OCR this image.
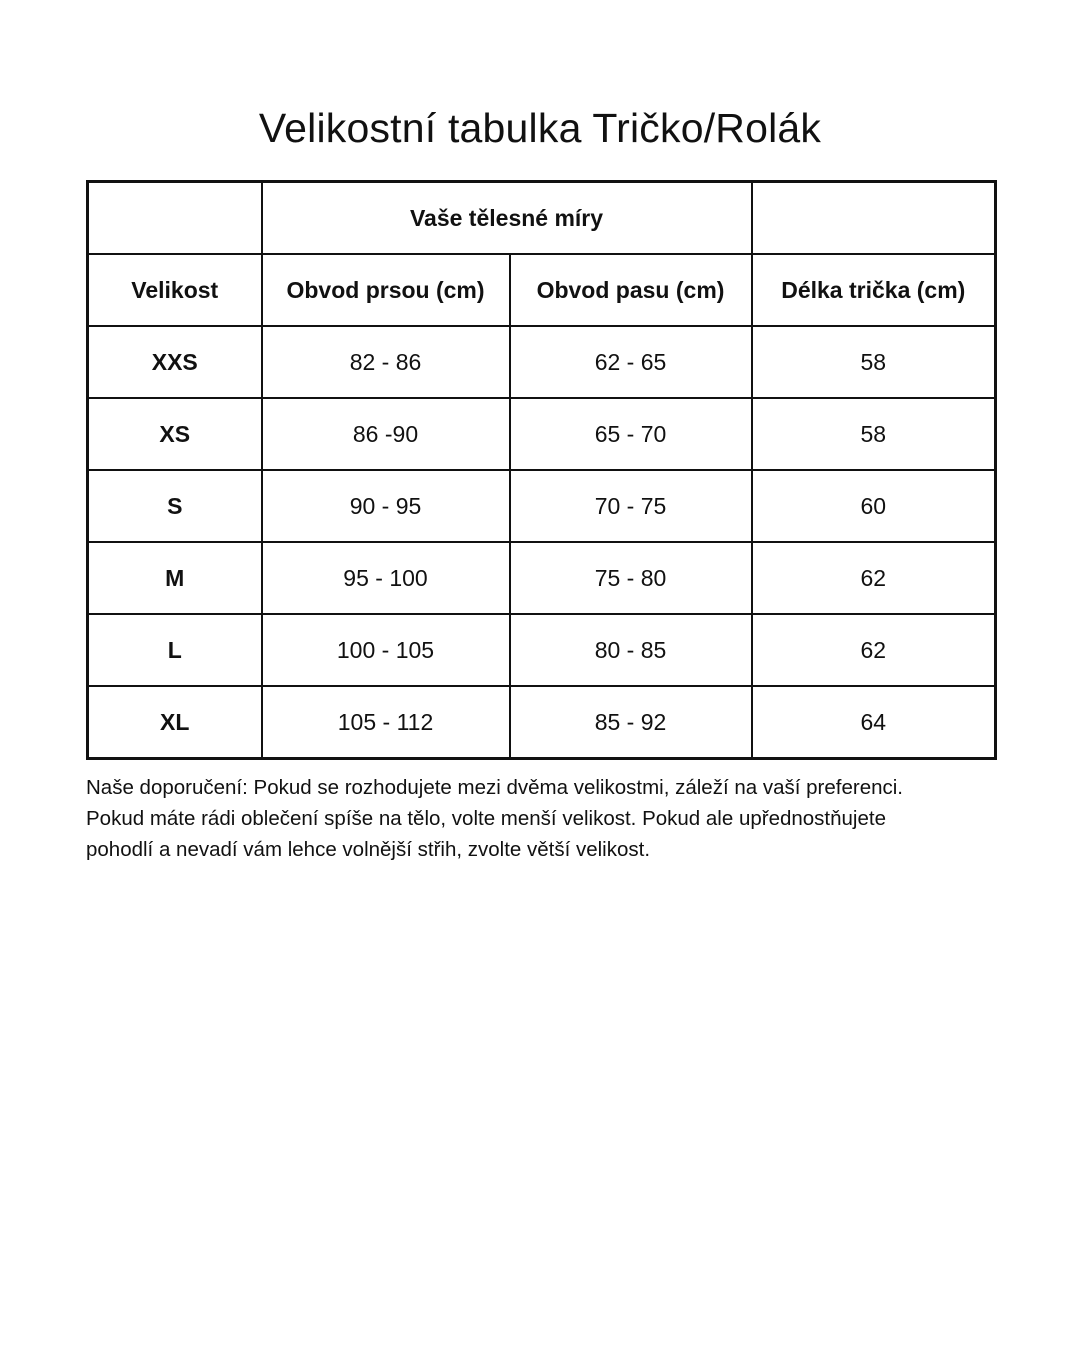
Velikostní tabulka Tričko/Rolák
	Vaše tělesné míry		
Velikost	Obvod prsou (cm)	Obvod pasu (cm)	Délka trička (cm)
XXS	82 - 86	62 - 65	58
XS	86 -90	65 - 70	58
S	90 - 95	70 - 75	60
M	95 - 100	75 - 80	62
L	100 - 105	80 - 85	62
XL	105 - 112	85 - 92	64

Naše doporučení: Pokud se rozhodujete mezi dvěma velikostmi, záleží na vaší preferenci.
Pokud máte rádi oblečení spíše na tělo, volte menší velikost. Pokud ale upřednostňujete
pohodlí a nevadí vám lehce volnější střih, zvolte větší velikost.
